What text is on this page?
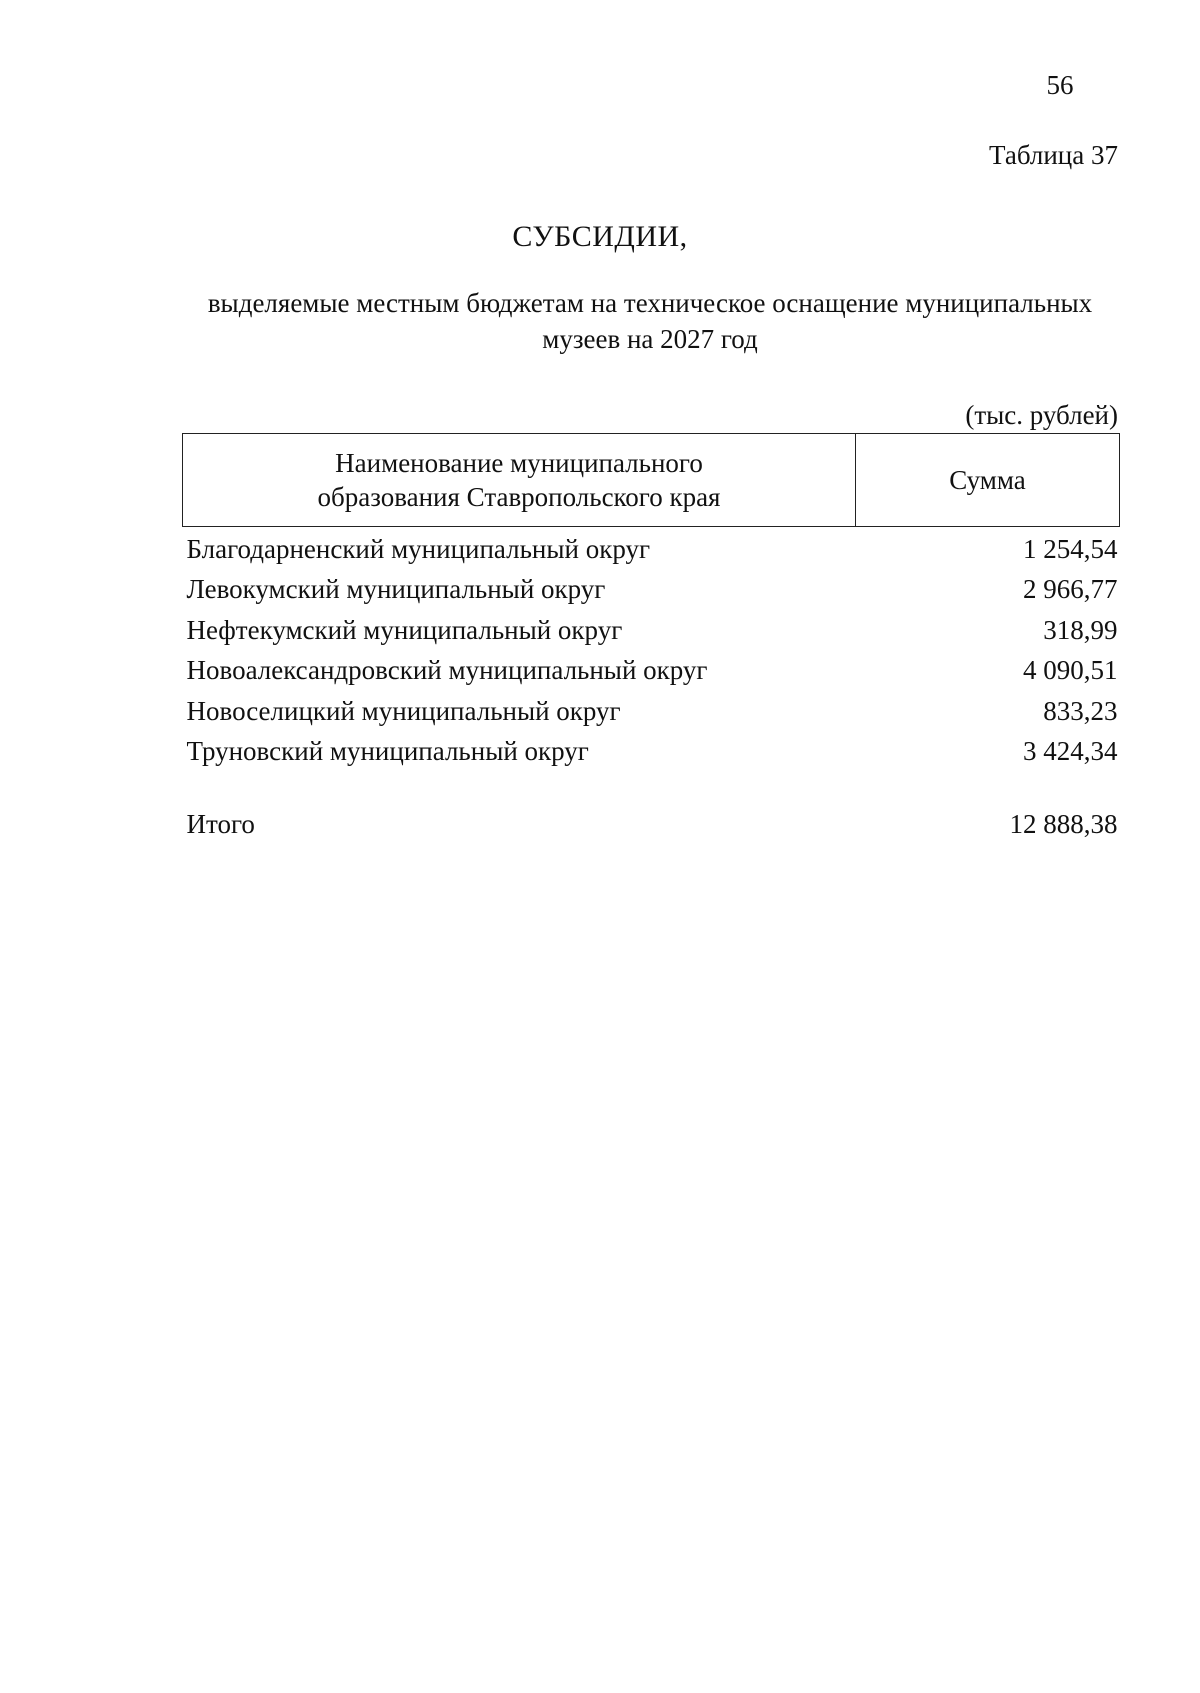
56
Таблица 37
СУБСИДИИ,
выделяемые местным бюджетам на техническое оснащение муниципальных музеев на 2027 год
(тыс. рублей)
Наименование муниципального
образования Ставропольского края	Сумма
Благодарненский муниципальный округ	1 254,54
Левокумский муниципальный округ	2 966,77
Нефтекумский муниципальный округ	318,99
Новоалександровский муниципальный округ	4 090,51
Новоселицкий муниципальный округ	833,23
Труновский муниципальный округ	3 424,34

Итого	12 888,38
